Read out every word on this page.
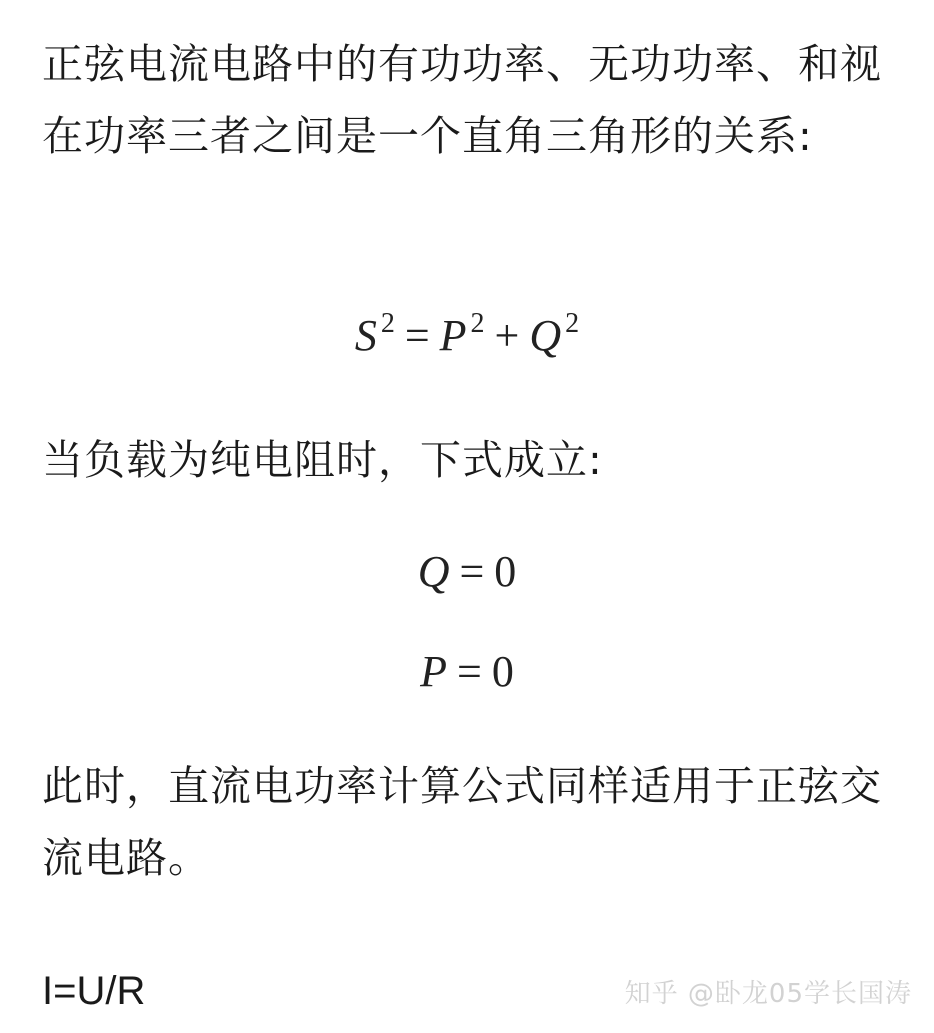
正弦电流电路中的有功功率、无功功率、和视在功率三者之间是一个直角三角形的关系:

S $^2$ = P $^2$ + Q $^2$

当负载为纯电阻时，下式成立:

Q = 0
P = 0

此时，直流电功率计算公式同样适用于正弦交流电路。

I=U/R	知乎 @卧龙05学长国涛
